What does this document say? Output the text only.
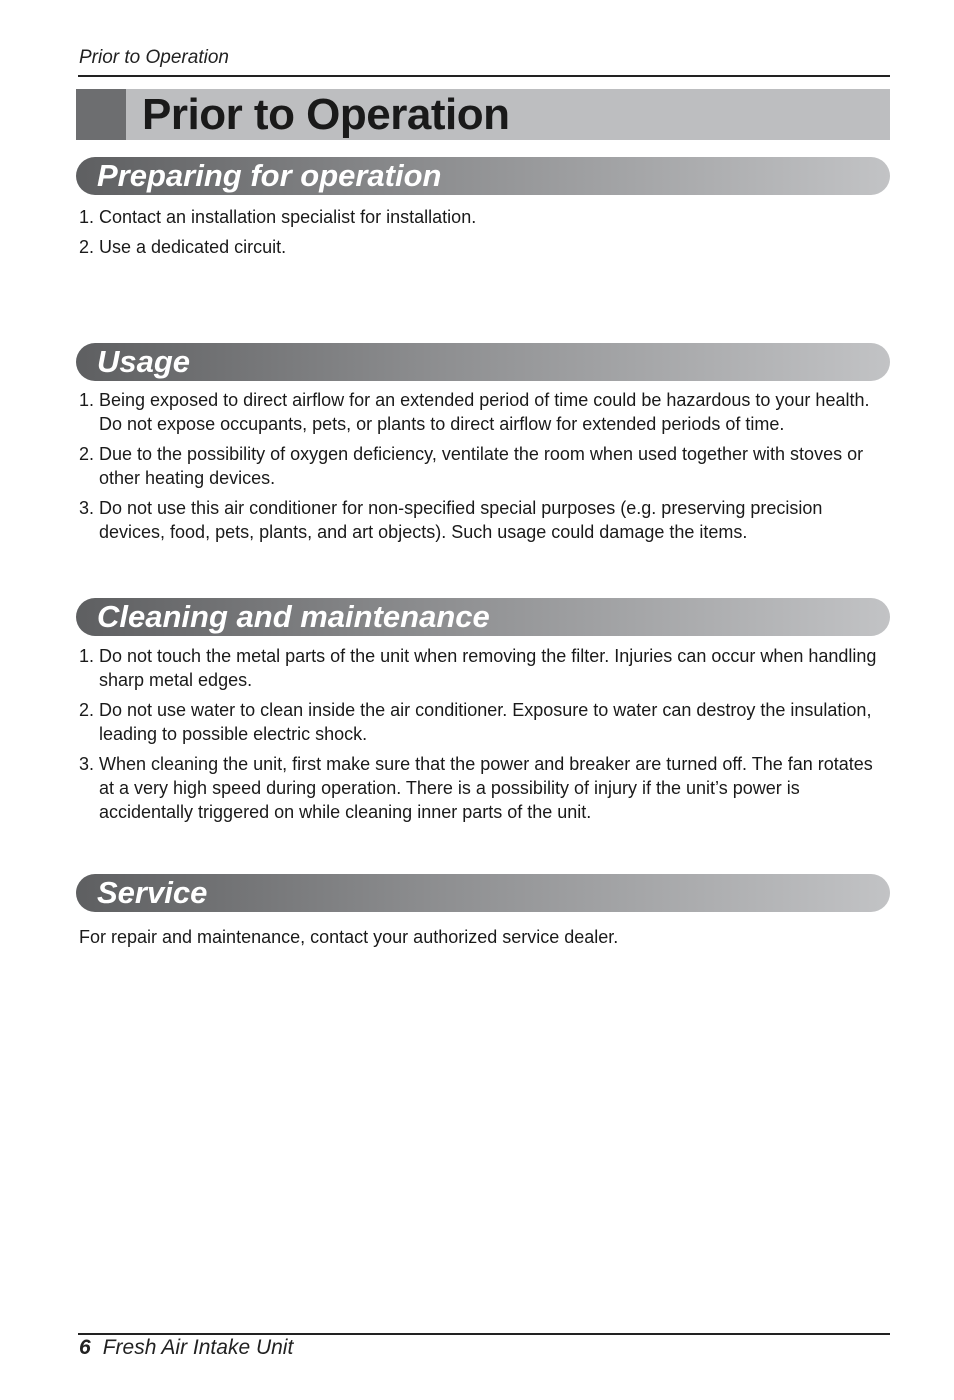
Prior to Operation
Prior to Operation
Preparing for operation
1. Contact an installation specialist for installation.
2. Use a dedicated circuit.
Usage
1. Being exposed to direct airflow for an extended period of time could be hazardous to your health. Do not expose occupants, pets, or plants to direct airflow for extended periods of time.
2. Due to the possibility of oxygen deficiency, ventilate the room when used together with stoves or other heating devices.
3. Do not use this air conditioner for non-specified special purposes (e.g. preserving precision devices, food, pets, plants, and art objects). Such usage could damage the items.
Cleaning and maintenance
1. Do not touch the metal parts of the unit when removing the filter. Injuries can occur when handling sharp metal edges.
2. Do not use water to clean inside the air conditioner. Exposure to water can destroy the insulation, leading to possible electric shock.
3. When cleaning the unit, first make sure that the power and breaker are turned off. The fan rotates at a very high speed during operation. There is a possibility of injury if the unit’s power is accidentally triggered on while cleaning inner parts of the unit.
Service
For repair and maintenance, contact your authorized service dealer.
6 Fresh Air Intake Unit
